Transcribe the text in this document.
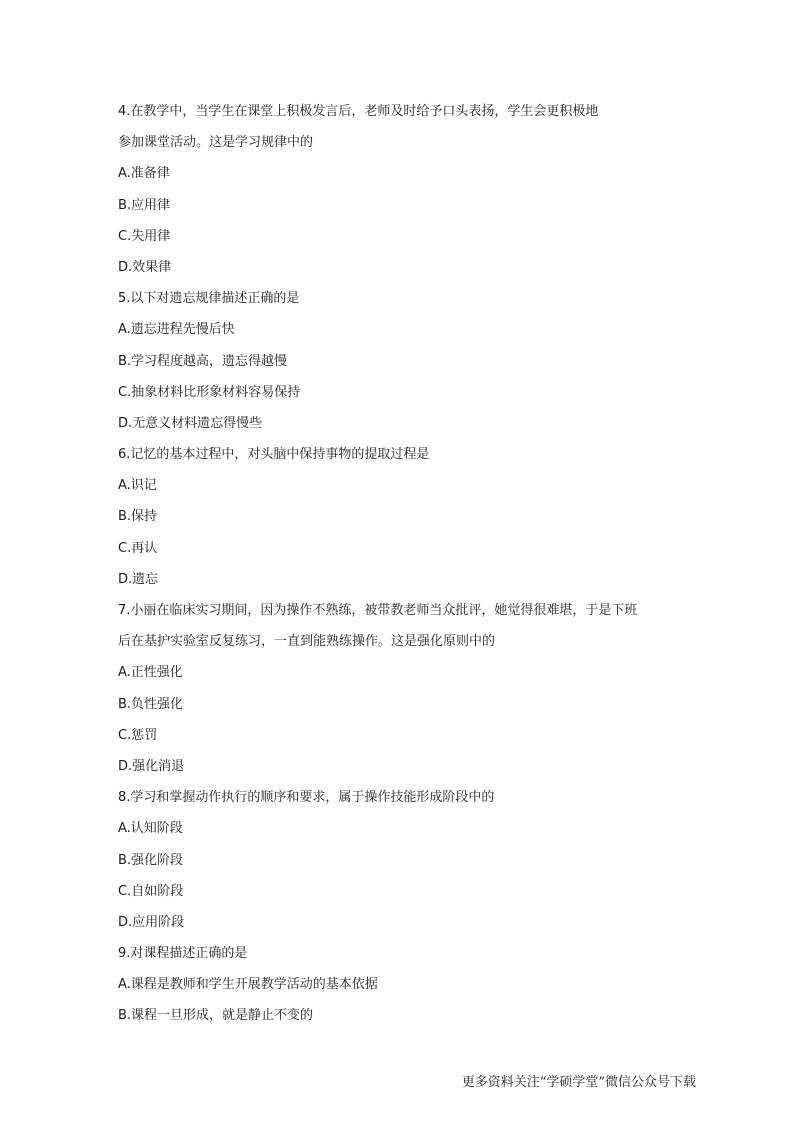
4.在教学中，当学生在课堂上积极发言后，老师及时给予口头表扬，学生会更积极地
参加课堂活动。这是学习规律中的
A.准备律
B.应用律
C.失用律
D.效果律
5.以下对遗忘规律描述正确的是
A.遗忘进程先慢后快
B.学习程度越高，遗忘得越慢
C.抽象材料比形象材料容易保持
D.无意义材料遗忘得慢些
6.记忆的基本过程中，对头脑中保持事物的提取过程是
A.识记
B.保持
C.再认
D.遗忘
7.小丽在临床实习期间，因为操作不熟练，被带教老师当众批评，她觉得很难堪，于是下班
后在基护实验室反复练习，一直到能熟练操作。这是强化原则中的
A.正性强化
B.负性强化
C.惩罚
D.强化消退
8.学习和掌握动作执行的顺序和要求，属于操作技能形成阶段中的
A.认知阶段
B.强化阶段
C.自如阶段
D.应用阶段
9.对课程描述正确的是
A.课程是教师和学生开展教学活动的基本依据
B.课程一旦形成，就是静止不变的
更多资料关注“学硕学堂”微信公众号下载
